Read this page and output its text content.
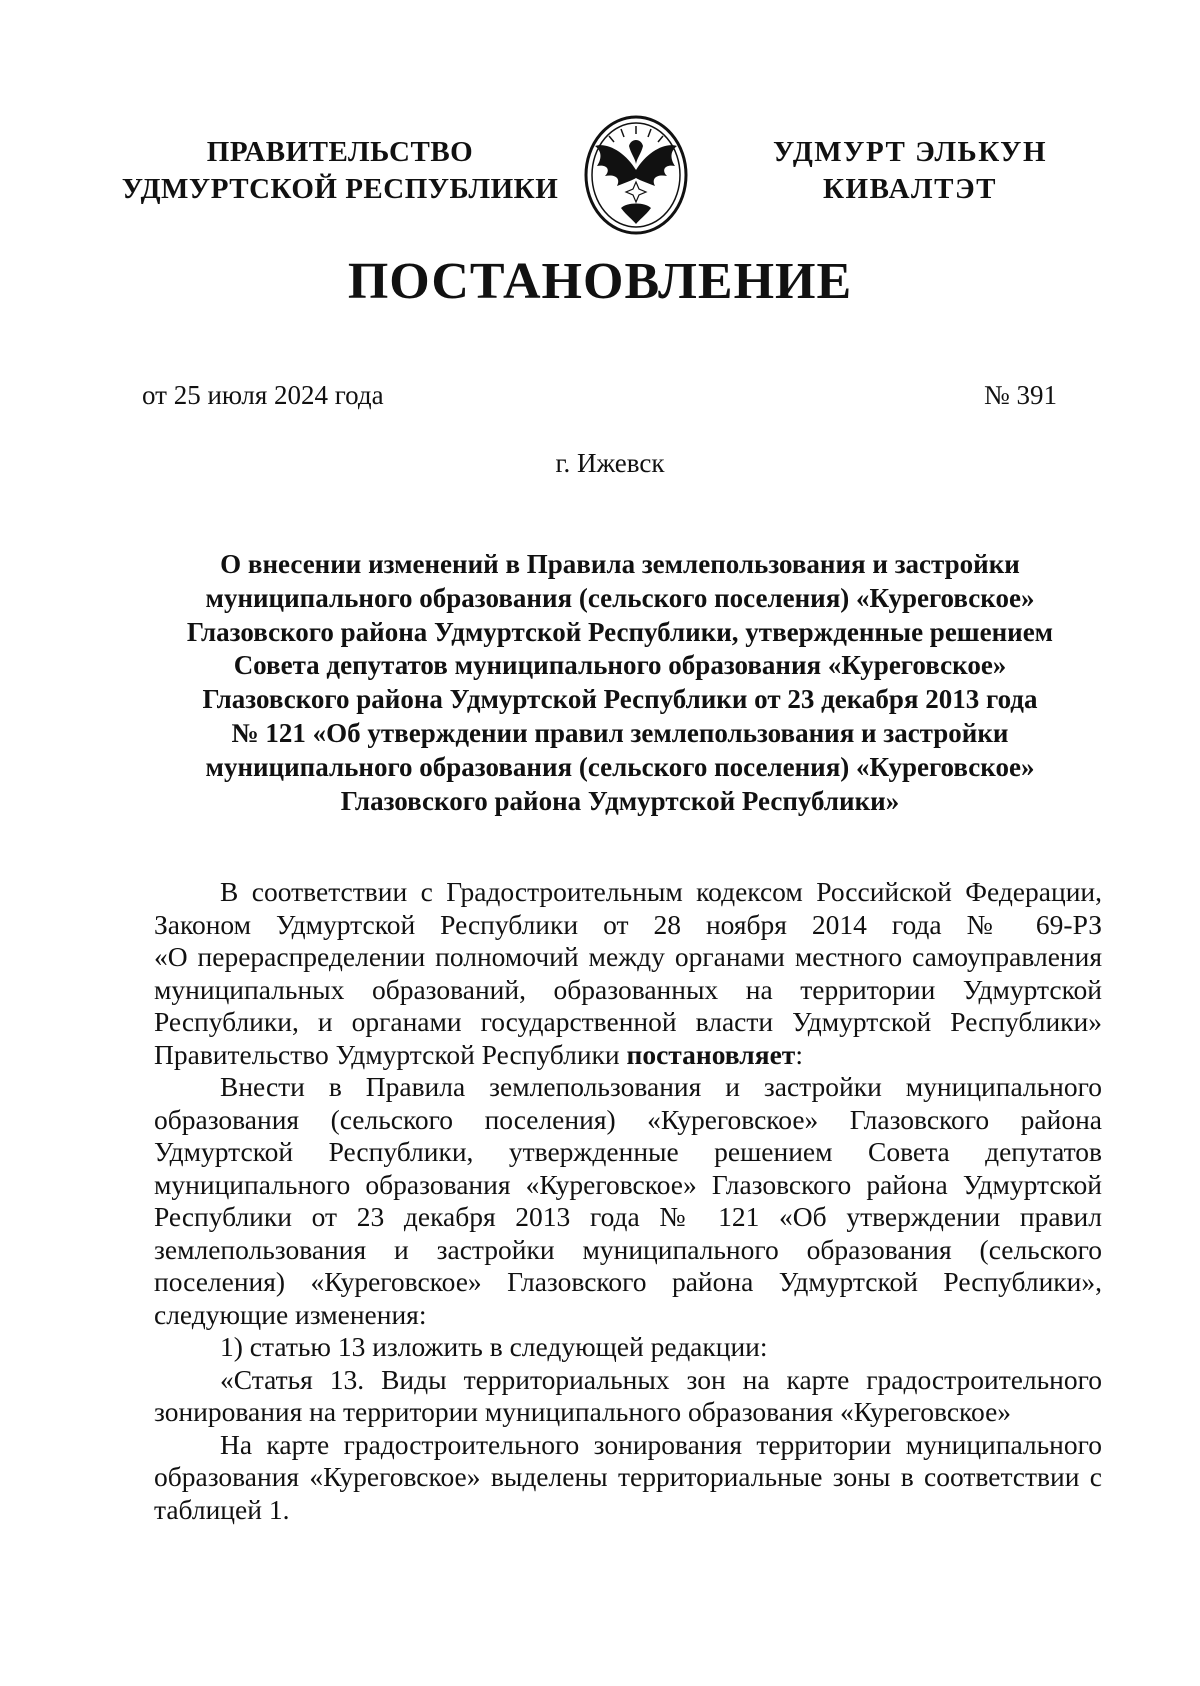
ПРАВИТЕЛЬСТВО
УДМУРТСКОЙ РЕСПУБЛИКИ
УДМУРТ ЭЛЬКУН
КИВАЛТЭТ
ПОСТАНОВЛЕНИЕ
от 25 июля 2024 года	№ 391
г. Ижевск
О внесении изменений в Правила землепользования и застройки
муниципального образования (сельского поселения) «Куреговское»
Глазовского района Удмуртской Республики, утвержденные решением
Совета депутатов муниципального образования «Куреговское»
Глазовского района Удмуртской Республики от 23 декабря 2013 года
№ 121 «Об утверждении правил землепользования и застройки
муниципального образования (сельского поселения) «Куреговское»
Глазовского района Удмуртской Республики»
В соответствии с Градостроительным кодексом Российской Федерации,
Законом Удмуртской Республики от 28 ноября 2014 года № 69-РЗ
«О перераспределении полномочий между органами местного самоуправления
муниципальных образований, образованных на территории Удмуртской
Республики, и органами государственной власти Удмуртской Республики»
Правительство Удмуртской Республики постановляет:
Внести в Правила землепользования и застройки муниципального
образования (сельского поселения) «Куреговское» Глазовского района
Удмуртской Республики, утвержденные решением Совета депутатов
муниципального образования «Куреговское» Глазовского района Удмуртской
Республики от 23 декабря 2013 года № 121 «Об утверждении правил
землепользования и застройки муниципального образования (сельского
поселения) «Куреговское» Глазовского района Удмуртской Республики»,
следующие изменения:
1) статью 13 изложить в следующей редакции:
«Статья 13. Виды территориальных зон на карте градостроительного
зонирования на территории муниципального образования «Куреговское»
На карте градостроительного зонирования территории муниципального
образования «Куреговское» выделены территориальные зоны в соответствии с
таблицей 1.
